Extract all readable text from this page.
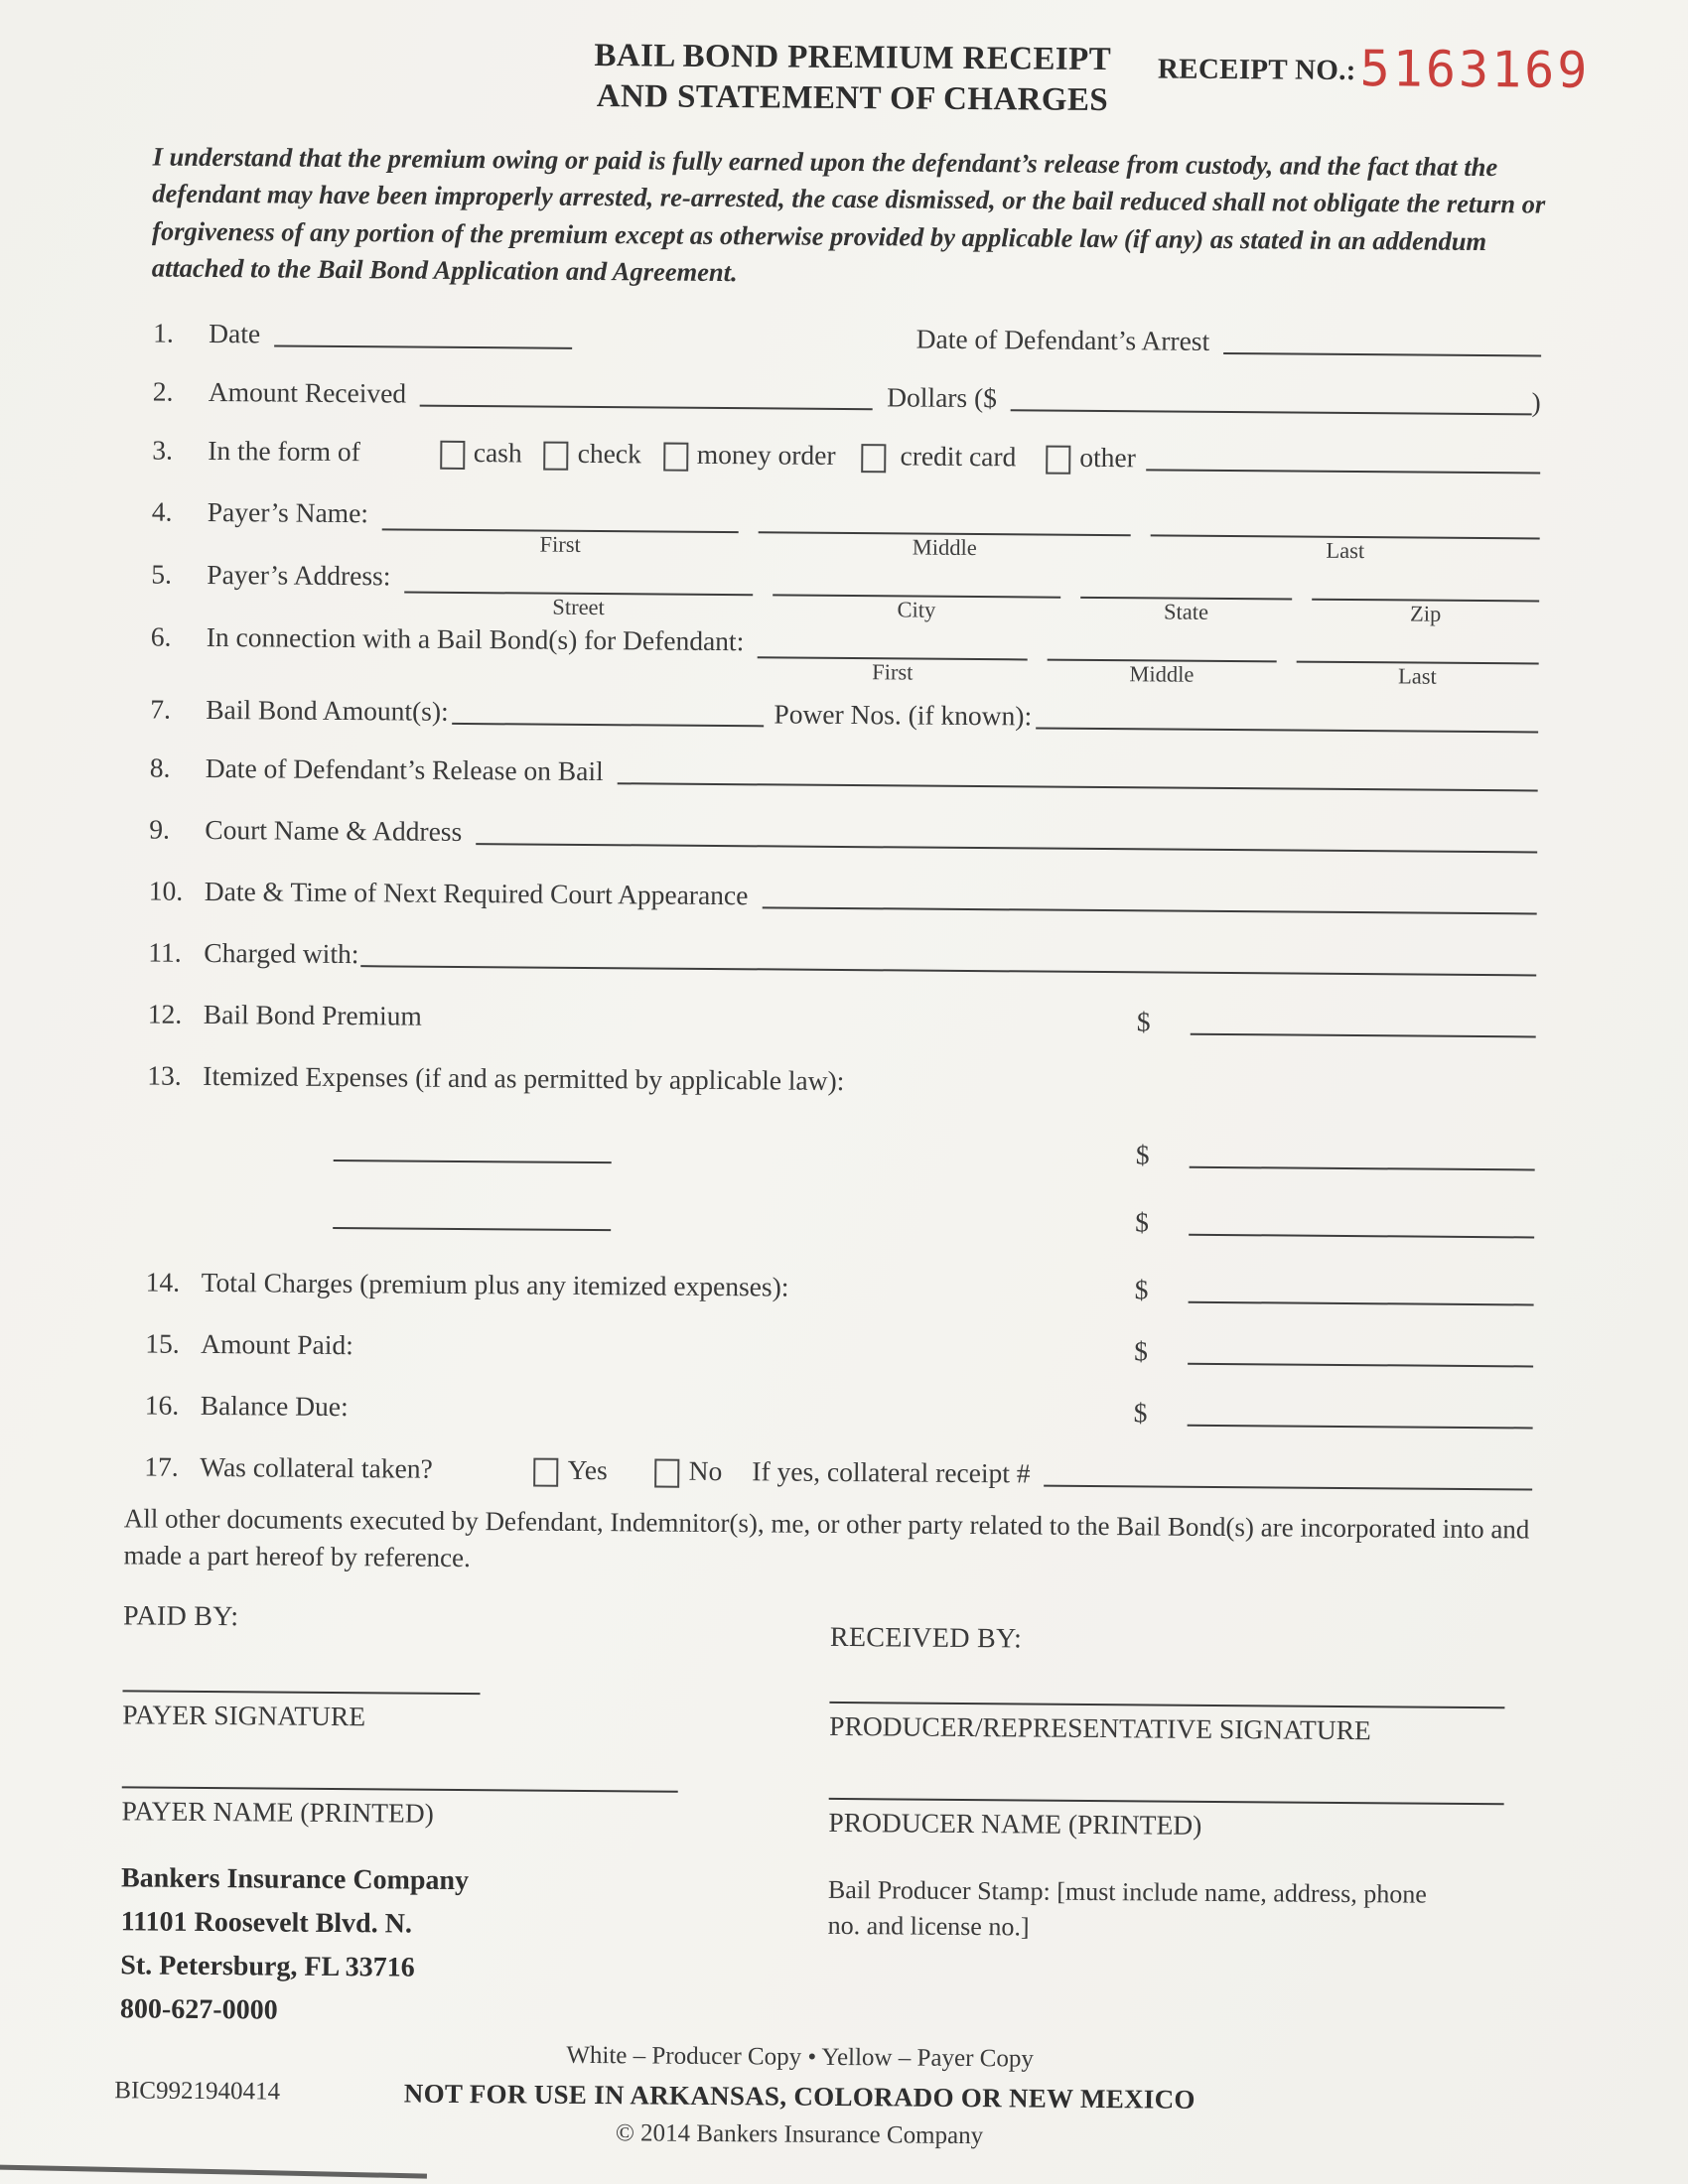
BAIL BOND PREMIUM RECEIPT
AND STATEMENT OF CHARGES
RECEIPT NO.: 5163169

I understand that the premium owing or paid is fully earned upon the defendant’s release from custody, and the fact that the defendant may have been improperly arrested, re-arrested, the case dismissed, or the bail reduced shall not obligate the return or forgiveness of any portion of the premium except as otherwise provided by applicable law (if any) as stated in an addendum attached to the Bail Bond Application and Agreement.

1.	Date	Date of Defendant’s Arrest
2.	Amount Received	Dollars ($	)
3.	In the form of	cash check money order credit card other
4.	Payer’s Name:
First	Middle	Last
5.	Payer’s Address:
Street	City	State	Zip
6.	In connection with a Bail Bond(s) for Defendant:
First	Middle	Last
7.	Bail Bond Amount(s):	Power Nos. (if known):
8.	Date of Defendant’s Release on Bail
9.	Court Name & Address
10. Date & Time of Next Required Court Appearance
11. Charged with:
12. Bail Bond Premium	$
13. Itemized Expenses (if and as permitted by applicable law):
$
$
14. Total Charges (premium plus any itemized expenses):	$
15. Amount Paid:	$
16. Balance Due:	$
17. Was collateral taken?	Yes	No If yes, collateral receipt #

All other documents executed by Defendant, Indemnitor(s), me, or other party related to the Bail Bond(s) are incorporated into and made a part hereof by reference.

PAID BY:
PAYER SIGNATURE
PAYER NAME (PRINTED)
Bankers Insurance Company
11101 Roosevelt Blvd. N.
St. Petersburg, FL 33716
800-627-0000
RECEIVED BY:
PRODUCER/REPRESENTATIVE SIGNATURE
PRODUCER NAME (PRINTED)
Bail Producer Stamp: [must include name, address, phone no. and license no.]
BIC9921940414
White – Producer Copy • Yellow – Payer Copy
NOT FOR USE IN ARKANSAS, COLORADO OR NEW MEXICO
© 2014 Bankers Insurance Company
